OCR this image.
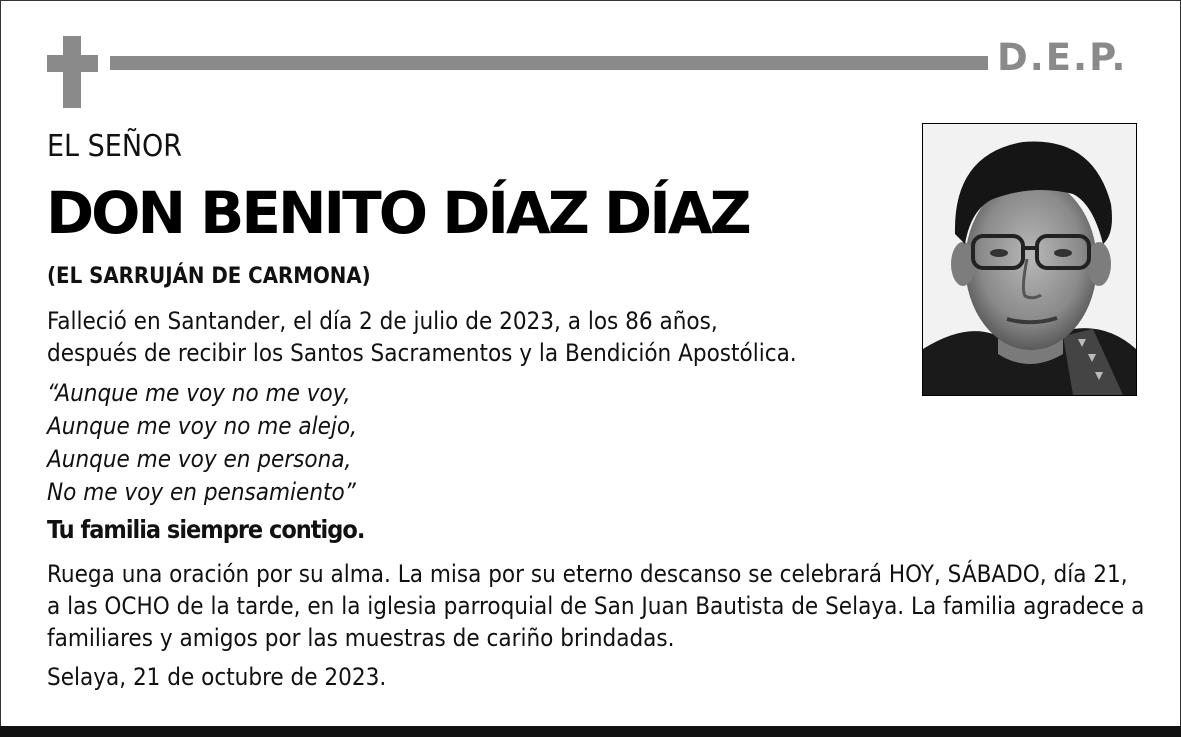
D.E.P.
EL SEÑOR
DON BENITO DÍAZ DÍAZ
(EL SARRUJÁN DE CARMONA)
Falleció en Santander, el día 2 de julio de 2023, a los 86 años,
después de recibir los Santos Sacramentos y la Bendición Apostólica.
“Aunque me voy no me voy,
Aunque me voy no me alejo,
Aunque me voy en persona,
No me voy en pensamiento”
Tu familia siempre contigo.
Ruega una oración por su alma. La misa por su eterno descanso se celebrará HOY, SÁBADO, día 21, a las OCHO de la tarde, en la iglesia parroquial de San Juan Bautista de Selaya. La familia agradece a familiares y amigos por las muestras de cariño brindadas.
Selaya, 21 de octubre de 2023.
